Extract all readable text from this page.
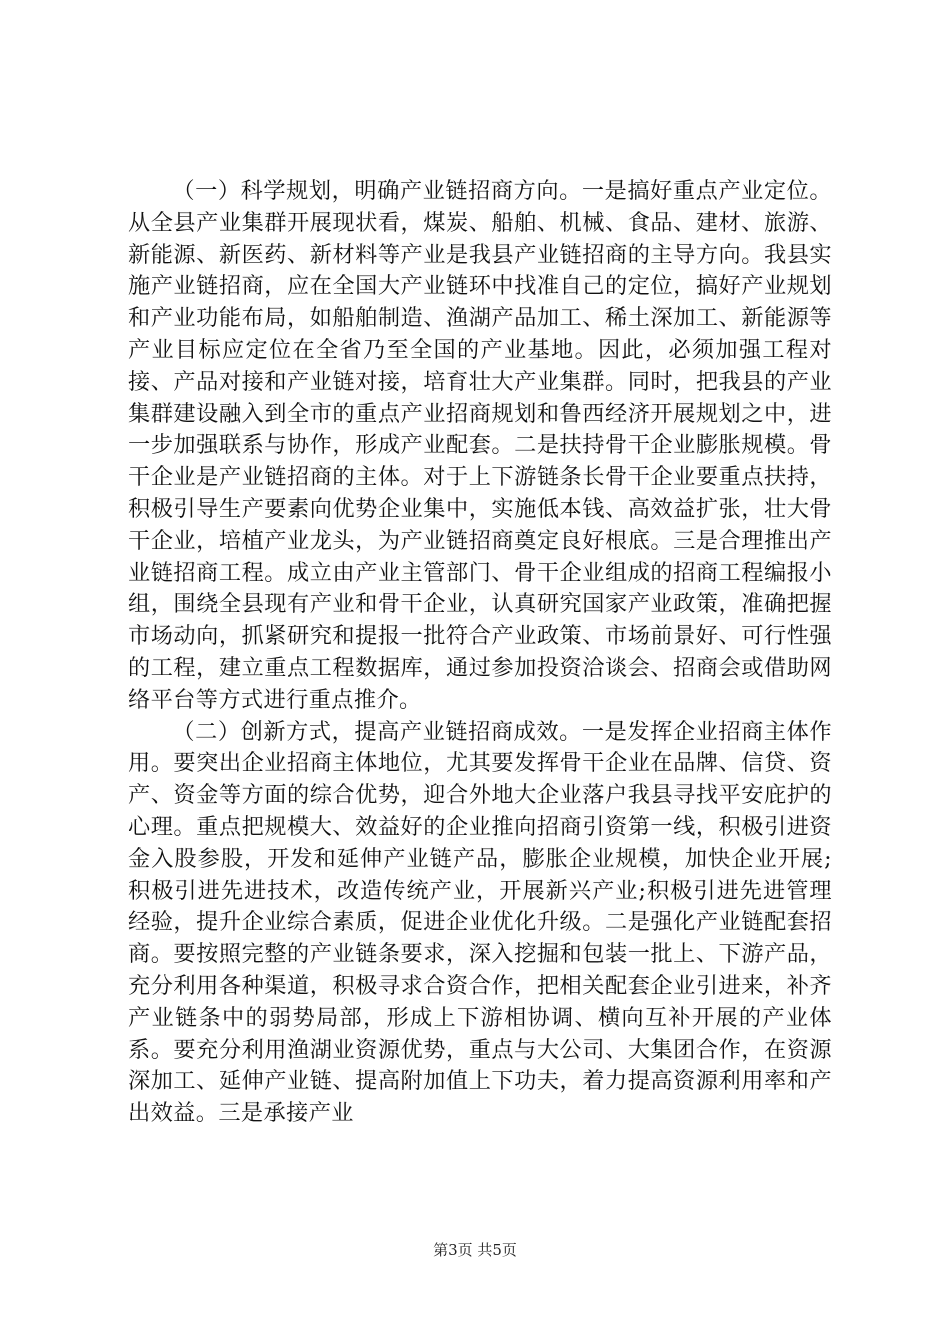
（一）科学规划，明确产业链招商方向。一是搞好重点产业定位。从全县产业集群开展现状看，煤炭、船舶、机械、食品、建材、旅游、新能源、新医药、新材料等产业是我县产业链招商的主导方向。我县实施产业链招商，应在全国大产业链环中找准自己的定位，搞好产业规划和产业功能布局，如船舶制造、渔湖产品加工、稀土深加工、新能源等产业目标应定位在全省乃至全国的产业基地。因此，必须加强工程对接、产品对接和产业链对接，培育壮大产业集群。同时，把我县的产业集群建设融入到全市的重点产业招商规划和鲁西经济开展规划之中，进一步加强联系与协作，形成产业配套。二是扶持骨干企业膨胀规模。骨干企业是产业链招商的主体。对于上下游链条长骨干企业要重点扶持，积极引导生产要素向优势企业集中，实施低本钱、高效益扩张，壮大骨干企业，培植产业龙头，为产业链招商奠定良好根底。三是合理推出产业链招商工程。成立由产业主管部门、骨干企业组成的招商工程编报小组，围绕全县现有产业和骨干企业，认真研究国家产业政策，准确把握市场动向，抓紧研究和提报一批符合产业政策、市场前景好、可行性强的工程，建立重点工程数据库，通过参加投资洽谈会、招商会或借助网络平台等方式进行重点推介。

（二）创新方式，提高产业链招商成效。一是发挥企业招商主体作用。要突出企业招商主体地位，尤其要发挥骨干企业在品牌、信贷、资产、资金等方面的综合优势，迎合外地大企业落户我县寻找平安庇护的心理。重点把规模大、效益好的企业推向招商引资第一线，积极引进资金入股参股，开发和延伸产业链产品，膨胀企业规模，加快企业开展;积极引进先进技术，改造传统产业，开展新兴产业;积极引进先进管理经验，提升企业综合素质，促进企业优化升级。二是强化产业链配套招商。要按照完整的产业链条要求，深入挖掘和包装一批上、下游产品，充分利用各种渠道，积极寻求合资合作，把相关配套企业引进来，补齐产业链条中的弱势局部，形成上下游相协调、横向互补开展的产业体系。要充分利用渔湖业资源优势，重点与大公司、大集团合作，在资源深加工、延伸产业链、提高附加值上下功夫，着力提高资源利用率和产出效益。三是承接产业

第3页 共5页
